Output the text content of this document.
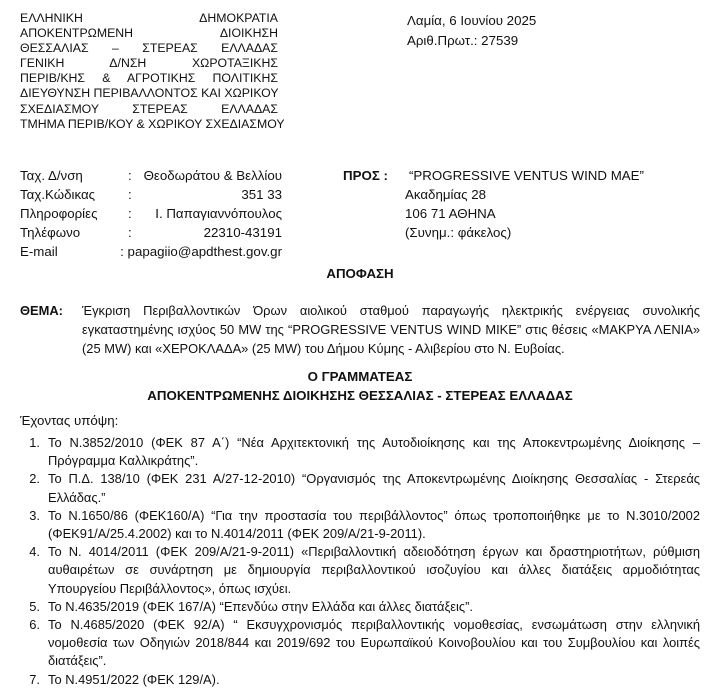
ΕΛΛΗΝΙΚΗ ΔΗΜΟΚΡΑΤΙΑ
ΑΠΟΚΕΝΤΡΩΜΕΝΗ ΔΙΟΙΚΗΣΗ
ΘΕΣΣΑΛΙΑΣ – ΣΤΕΡΕΑΣ ΕΛΛΑΔΑΣ
ΓΕΝΙΚΗ Δ/ΝΣΗ ΧΩΡΟΤΑΞΙΚΗΣ
ΠΕΡΙΒ/ΚΗΣ & ΑΓΡΟΤΙΚΗΣ ΠΟΛΙΤΙΚΗΣ
ΔΙΕΥΘΥΝΣΗ ΠΕΡΙΒΑΛΛΟΝΤΟΣ ΚΑΙ ΧΩΡΙΚΟΥ
ΣΧΕΔΙΑΣΜΟΥ ΣΤΕΡΕΑΣ ΕΛΛΑΔΑΣ
ΤΜΗΜΑ ΠΕΡΙΒ/ΚΟΥ & ΧΩΡΙΚΟΥ ΣΧΕΔΙΑΣΜΟΥ
Λαμία, 6 Ιουνίου 2025
Αριθ.Πρωτ.: 27539
Ταχ. Δ/νση	: Θεοδωράτου & Βελλίου
Ταχ.Κώδικας	:	351 33
Πληροφορίες	:	Ι. Παπαγιαννόπουλος
Τηλέφωνο	:	22310-43191
E-mail	: papagiio@apdthest.gov.gr
ΠΡΟΣ : “PROGRESSIVE VENTUS WIND MAE”
Ακαδημίας 28
106 71 ΑΘΗΝΑ
(Συνημ.: φάκελος)
ΑΠΟΦΑΣΗ
ΘΕΜΑ: Έγκριση Περιβαλλοντικών Όρων αιολικού σταθμού παραγωγής ηλεκτρικής ενέργειας συνολικής εγκαταστημένης ισχύος 50 MW της “PROGRESSIVE VENTUS WIND MIKE” στις θέσεις «ΜΑΚΡΥΑ ΛΕΝΙΑ» (25 MW) και «ΧΕΡΟΚΛΑΔΑ» (25 MW) του Δήμου Κύμης - Αλιβερίου στο Ν. Ευβοίας.
Ο ΓΡΑΜΜΑΤΕΑΣ
ΑΠΟΚΕΝΤΡΩΜΕΝΗΣ ΔΙΟΙΚΗΣΗΣ ΘΕΣΣΑΛΙΑΣ - ΣΤΕΡΕΑΣ ΕΛΛΑΔΑΣ
Έχοντας υπόψη:
1. Το Ν.3852/2010 (ΦΕΚ 87 Α΄) “Νέα Αρχιτεκτονική της Αυτοδιοίκησης και της Αποκεντρωμένης Διοίκησης – Πρόγραμμα Καλλικράτης”.
2. Το Π.Δ. 138/10 (ΦΕΚ 231 Α/27-12-2010) “Οργανισμός της Αποκεντρωμένης Διοίκησης Θεσσαλίας - Στερεάς Ελλάδας.”
3. Το N.1650/86 (ΦΕΚ160/Α) “Για την προστασία του περιβάλλοντος” όπως τροποποιήθηκε με το Ν.3010/2002 (ΦΕΚ91/Α/25.4.2002) και το Ν.4014/2011 (ΦΕΚ 209/Α/21-9-2011).
4. Το Ν. 4014/2011 (ΦΕΚ 209/Α/21-9-2011) «Περιβαλλοντική αδειοδότηση έργων και δραστηριοτήτων, ρύθμιση αυθαιρέτων σε συνάρτηση με δημιουργία περιβαλλοντικού ισοζυγίου και άλλες διατάξεις αρμοδιότητας Υπουργείου Περιβάλλοντος», όπως ισχύει.
5. Το Ν.4635/2019 (ΦΕΚ 167/Α) “Επενδύω στην Ελλάδα και άλλες διατάξεις”.
6. Το Ν.4685/2020 (ΦΕΚ 92/Α) “ Εκσυγχρονισμός περιβαλλοντικής νομοθεσίας, ενσωμάτωση στην ελληνική νομοθεσία των Οδηγιών 2018/844 και 2019/692 του Ευρωπαϊκού Κοινοβουλίου και του Συμβουλίου και λοιπές διατάξεις”.
7. Το Ν.4951/2022 (ΦΕΚ 129/Α).
